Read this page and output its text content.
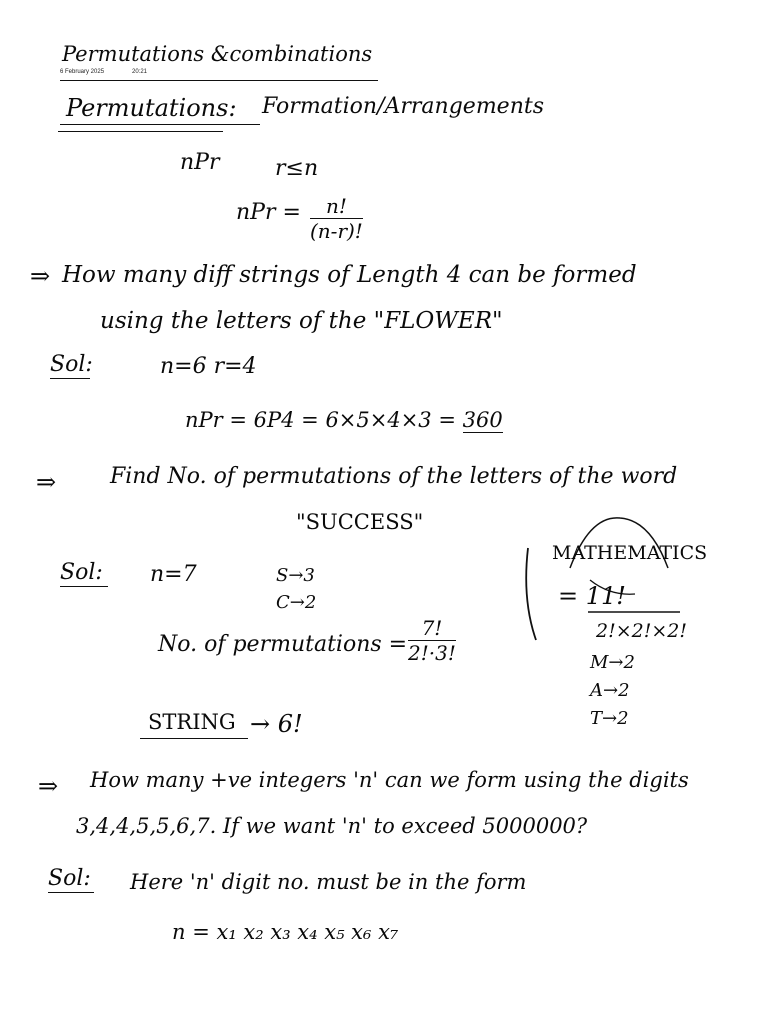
Permutations &combinations
6 February 2025	20:21
Permutations: Formation/Arrangements
nPr	r≤n
nPr = $\frac{n!}{(n-r)!}$
⇒ How many diff strings of Length 4 can be formed
using the letters of the "FLOWER"
Sol:	n=6 r=4
nPr = 6P4 = 6×5×4×3 = 360
⇒ Find No. of permutations of the letters of the word
"SUCCESS"
Sol: n=7	S→3
C→2
No. of permutations = $\frac{7!}{2!\cdot 3!}$
STRING → 6!
MATHEMATICS
= 11!
2!×2!×2!
M→2
A→2
T→2
⇒ How many +ve integers 'n' can we form using the digits
3,4,4,5,5,6,7. If we want 'n' to exceed 5000000?
Sol: Here 'n' digit no. must be in the form
n = x₁ x₂ x₃ x₄ x₅ x₆ x₇
